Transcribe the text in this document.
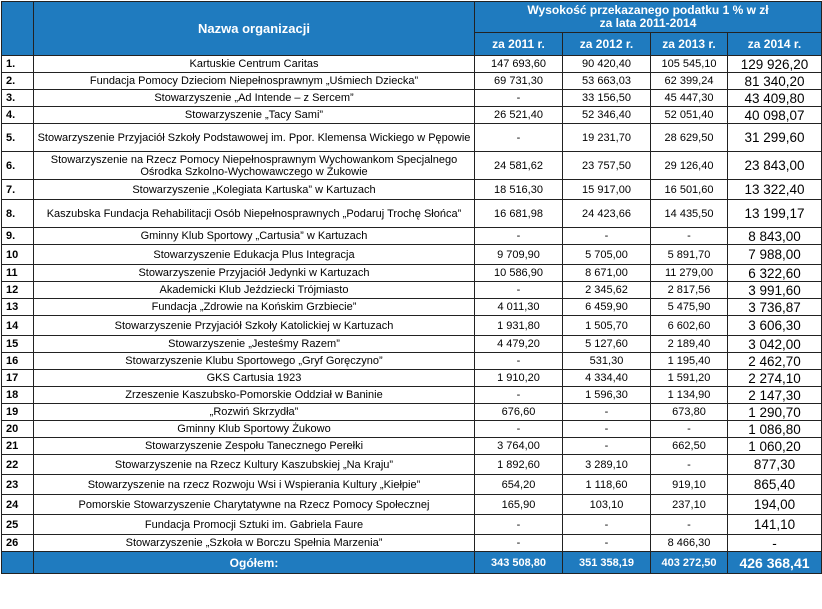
	Nazwa organizacji	Wysokość przekazanego podatku 1 % w zł
za lata 2011-2014			

		za 2011 r.	za 2012 r.	za 2013 r.	za 2014 r.
1.	Kartuskie Centrum Caritas	147 693,60	90 420,40	105 545,10	129 926,20
2.	Fundacja Pomocy Dzieciom Niepełnosprawnym „Uśmiech Dziecka”	69 731,30	53 663,03	62 399,24	81 340,20
3.	Stowarzyszenie „Ad Intende – z Sercem”	-	33 156,50	45 447,30	43 409,80
4.	Stowarzyszenie „Tacy Sami”	26 521,40	52 346,40	52 051,40	40 098,07
5.	Stowarzyszenie Przyjaciół Szkoły Podstawowej im. Ppor. Klemensa Wickiego w Pępowie	-	19 231,70	28 629,50	31 299,60
6.	Stowarzyszenie na Rzecz Pomocy Niepełnosprawnym Wychowankom Specjalnego Ośrodka Szkolno-Wychowawczego w Żukowie	24 581,62	23 757,50	29 126,40	23 843,00
7.	Stowarzyszenie „Kolegiata Kartuska” w Kartuzach	18 516,30	15 917,00	16 501,60	13 322,40
8.	Kaszubska Fundacja Rehabilitacji Osób Niepełnosprawnych „Podaruj Trochę Słońca”	16 681,98	24 423,66	14 435,50	13 199,17
9.	Gminny Klub Sportowy „Cartusia” w Kartuzach	-	-	-	8 843,00
10	Stowarzyszenie Edukacja Plus Integracja	9 709,90	5 705,00	5 891,70	7 988,00
11	Stowarzyszenie Przyjaciół Jedynki w Kartuzach	10 586,90	8 671,00	11 279,00	6 322,60
12	Akademicki Klub Jeździecki Trójmiasto	-	2 345,62	2 817,56	3 991,60
13	Fundacja „Zdrowie na Końskim Grzbiecie”	4 011,30	6 459,90	5 475,90	3 736,87
14	Stowarzyszenie Przyjaciół Szkoły Katolickiej w Kartuzach	1 931,80	1 505,70	6 602,60	3 606,30
15	Stowarzyszenie „Jesteśmy Razem”	4 479,20	5 127,60	2 189,40	3 042,00
16	Stowarzyszenie Klubu Sportowego „Gryf Goręczyno”	-	531,30	1 195,40	2 462,70
17	GKS Cartusia 1923	1 910,20	4 334,40	1 591,20	2 274,10
18	Zrzeszenie Kaszubsko-Pomorskie Oddział w Baninie	-	1 596,30	1 134,90	2 147,30
19	„Rozwiń Skrzydła”	676,60	-	673,80	1 290,70
20	Gminny Klub Sportowy Żukowo	-	-	-	1 086,80
21	Stowarzyszenie Zespołu Tanecznego Perełki	3 764,00	-	662,50	1 060,20
22	Stowarzyszenie na Rzecz Kultury Kaszubskiej „Na Kraju”	1 892,60	3 289,10	-	877,30
23	Stowarzyszenie na rzecz Rozwoju Wsi i Wspierania Kultury „Kiełpie”	654,20	1 118,60	919,10	865,40
24	Pomorskie Stowarzyszenie Charytatywne na Rzecz Pomocy Społecznej	165,90	103,10	237,10	194,00
25	Fundacja Promocji Sztuki im. Gabriela Faure	-	-	-	141,10
26	Stowarzyszenie „Szkoła w Borczu Spełnia Marzenia”	-	-	8 466,30	-
	Ogółem:	343 508,80	351 358,19	403 272,50	426 368,41
